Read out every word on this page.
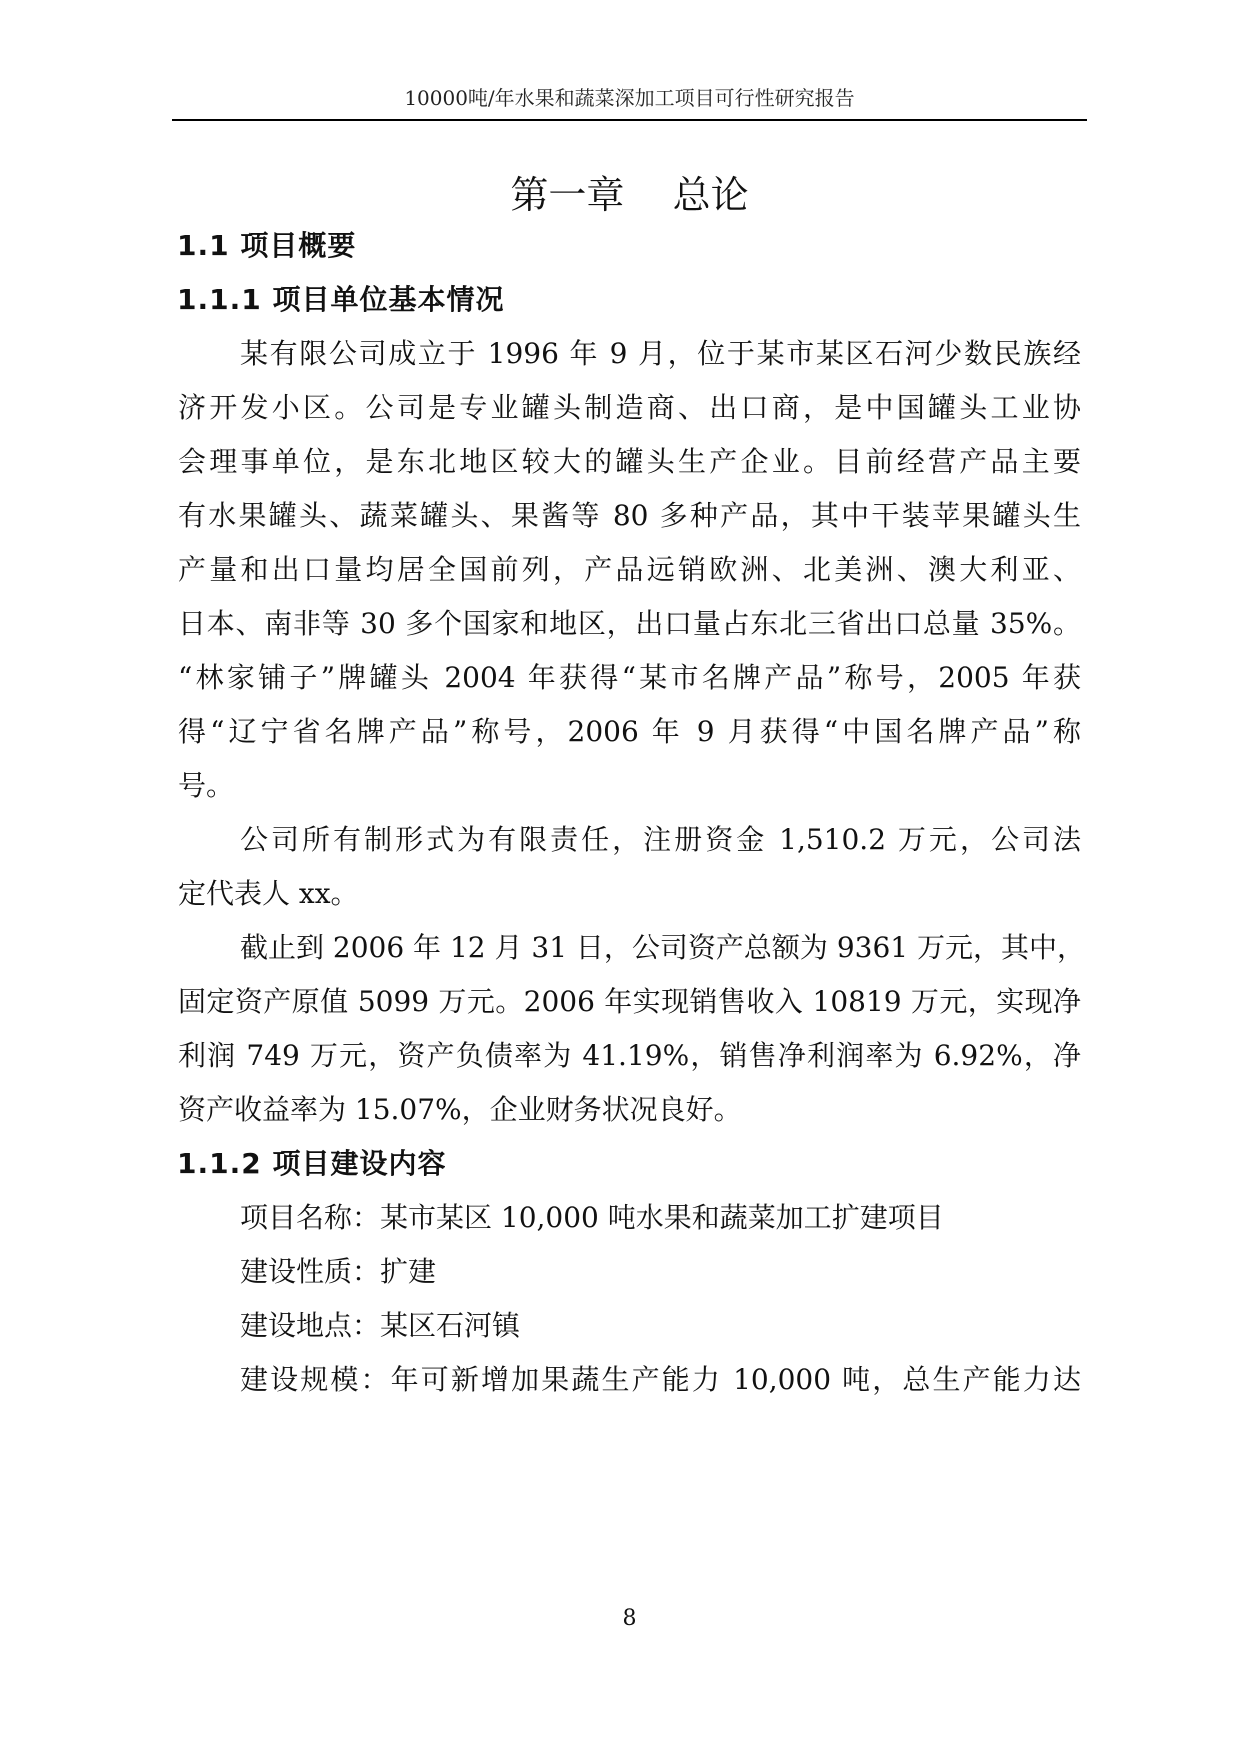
10000吨/年水果和蔬菜深加工项目可行性研究报告
第一章    总论
1.1 项目概要
1.1.1 项目单位基本情况
某有限公司成立于 1996 年 9 月，位于某市某区石河少数民族经
济开发小区。公司是专业罐头制造商、出口商，是中国罐头工业协
会理事单位，是东北地区较大的罐头生产企业。目前经营产品主要
有水果罐头、蔬菜罐头、果酱等 80 多种产品，其中干装苹果罐头生
产量和出口量均居全国前列，产品远销欧洲、北美洲、澳大利亚、
日本、南非等 30 多个国家和地区，出口量占东北三省出口总量 35%。
“林家铺子”牌罐头 2004 年获得“某市名牌产品”称号，2005 年获
得“辽宁省名牌产品”称号，2006 年 9 月获得“中国名牌产品”称
号。
公司所有制形式为有限责任，注册资金 1,510.2 万元，公司法
定代表人 xx。
截止到 2006 年 12 月 31 日，公司资产总额为 9361 万元，其中，
固定资产原值 5099 万元。2006 年实现销售收入 10819 万元，实现净
利润 749 万元，资产负债率为 41.19%，销售净利润率为 6.92%，净
资产收益率为 15.07%，企业财务状况良好。
1.1.2 项目建设内容
项目名称：某市某区 10,000 吨水果和蔬菜加工扩建项目
建设性质：扩建
建设地点：某区石河镇
建设规模：年可新增加果蔬生产能力 10,000 吨，总生产能力达
8
